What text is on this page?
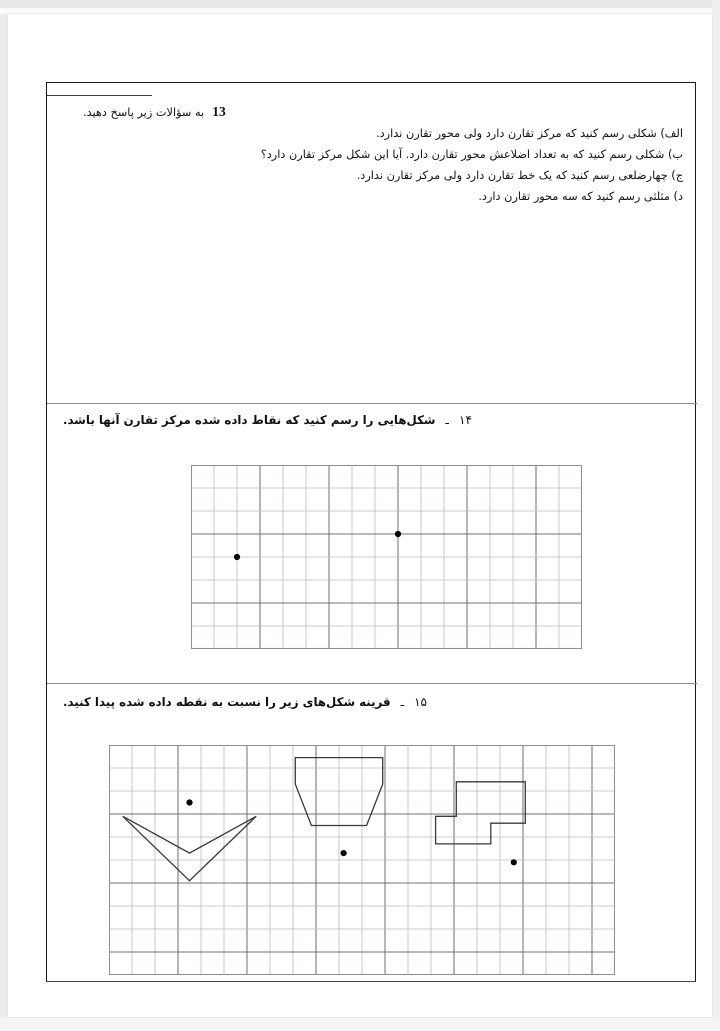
13
به سؤالات زیر پاسخ دهید.
الف) شکلی رسم کنید که مرکز تقارن دارد ولی محور تقارن ندارد.
ب) شکلی رسم کنید که به تعداد اضلاعش محور تقارن دارد. آیا این شکل مرکز تقارن دارد؟
ج) چهارضلعی رسم کنید که یک خط تقارن دارد ولی مرکز تقارن ندارد.
د) مثلثی رسم کنید که سه محور تقارن دارد.
۱۴
ـ
شکل‌هایی را رسم کنید که نقاط داده شده مرکز تقارن آنها باشد.
۱۵
ـ
قرینه شکل‌های زیر را نسبت به نقطه داده شده پیدا کنید.
